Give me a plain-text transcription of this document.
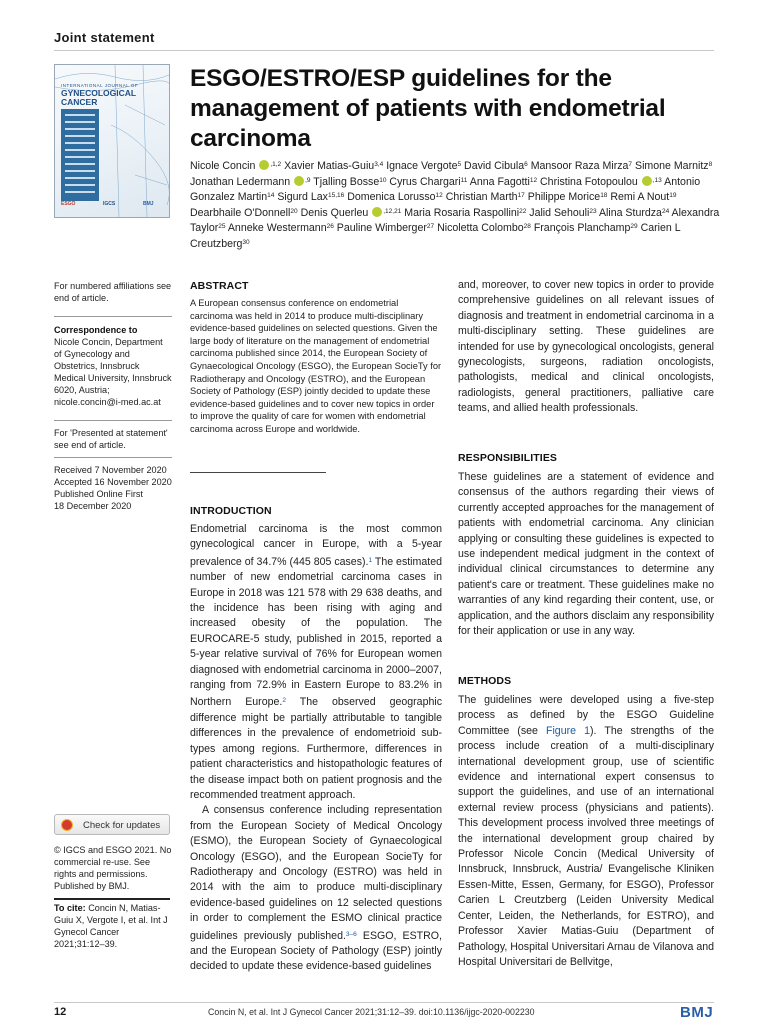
Joint statement
INTERNATIONAL JOURNAL OF
GYNECOLOGICAL CANCER
ESGO	IGCS	BMJ
ESGO/ESTRO/ESP guidelines for the management of patients with endometrial carcinoma
Nicole Concin $^{,1,2}$ Xavier Matias-Guiu$^{3,4}$ Ignace Vergote$^5$ David Cibula$^6$ Mansoor Raza Mirza$^7$ Simone Marnitz$^8$ Jonathan Ledermann $^{,9}$ Tjalling Bosse$^{10}$ Cyrus Chargari$^{11}$ Anna Fagotti$^{12}$ Christina Fotopoulou $^{,13}$ Antonio Gonzalez Martin$^{14}$ Sigurd Lax$^{15,16}$ Domenica Lorusso$^{12}$ Christian Marth$^{17}$ Philippe Morice$^{18}$ Remi A Nout$^{19}$ Dearbhaile O'Donnell$^{20}$ Denis Querleu $^{,12,21}$ Maria Rosaria Raspollini$^{22}$ Jalid Sehouli$^{23}$ Alina Sturdza$^{24}$ Alexandra Taylor$^{25}$ Anneke Westermann$^{26}$ Pauline Wimberger$^{27}$ Nicoletta Colombo$^{28}$ François Planchamp$^{29}$ Carien L Creutzberg$^{30}$
For numbered affiliations see end of article.
Correspondence to
Nicole Concin, Department of Gynecology and Obstetrics, Innsbruck Medical University, Innsbruck 6020, Austria; nicole.concin@i-med.ac.at
For 'Presented at statement' see end of article.
Received 7 November 2020
Accepted 16 November 2020
Published Online First
18 December 2020
Check for updates
© IGCS and ESGO 2021. No commercial re-use. See rights and permissions. Published by BMJ.
To cite: Concin N, Matias-Guiu X, Vergote I, et al. Int J Gynecol Cancer 2021;31:12–39.
ABSTRACT
A European consensus conference on endometrial carcinoma was held in 2014 to produce multi-disciplinary evidence-based guidelines on selected questions. Given the large body of literature on the management of endometrial carcinoma published since 2014, the European Society of Gynaecological Oncology (ESGO), the European SocieTy for Radiotherapy and Oncology (ESTRO), and the European Society of Pathology (ESP) jointly decided to update these evidence-based guidelines and to cover new topics in order to improve the quality of care for women with endometrial carcinoma across Europe and worldwide.
INTRODUCTION
Endometrial carcinoma is the most common gynecological cancer in Europe, with a 5-year prevalence of 34.7% (445 805 cases).$^1$ The estimated number of new endometrial carcinoma cases in Europe in 2018 was 121 578 with 29 638 deaths, and the incidence has been rising with aging and increased obesity of the population. The EUROCARE-5 study, published in 2015, reported a 5-year relative survival of 76% for European women diagnosed with endometrial carcinoma in 2000–2007, ranging from 72.9% in Eastern Europe to 83.2% in Northern Europe.$^2$ The observed geographic difference might be partially attributable to tangible differences in the prevalence of endometrioid sub-types among regions. Furthermore, differences in patient characteristics and histopathologic features of the disease impact both on patient prognosis and the recommended treatment approach.
A consensus conference including representation from the European Society of Medical Oncology (ESMO), the European Society of Gynaecological Oncology (ESGO), and the European SocieTy for Radiotherapy and Oncology (ESTRO) was held in 2014 with the aim to produce multi-disciplinary evidence-based guidelines on 12 selected questions in order to complement the ESMO clinical practice guidelines previously published.$^{3-6}$ ESGO, ESTRO, and the European Society of Pathology (ESP) jointly decided to update these evidence-based guidelines
and, moreover, to cover new topics in order to provide comprehensive guidelines on all relevant issues of diagnosis and treatment in endometrial carcinoma in a multi-disciplinary setting. These guidelines are intended for use by gynecological oncologists, general gynecologists, surgeons, radiation oncologists, pathologists, medical and clinical oncologists, radiologists, general practitioners, palliative care teams, and allied health professionals.
RESPONSIBILITIES
These guidelines are a statement of evidence and consensus of the authors regarding their views of currently accepted approaches for the management of patients with endometrial carcinoma. Any clinician applying or consulting these guidelines is expected to use independent medical judgment in the context of individual clinical circumstances to determine any patient's care or treatment. These guidelines make no warranties of any kind regarding their content, use, or application, and the authors disclaim any responsibility for their application or use in any way.
METHODS
The guidelines were developed using a five-step process as defined by the ESGO Guideline Committee (see Figure 1). The strengths of the process include creation of a multi-disciplinary international development group, use of scientific evidence and international expert consensus to support the guidelines, and use of an international external review process (physicians and patients). This development process involved three meetings of the international development group chaired by Professor Nicole Concin (Medical University of Innsbruck, Innsbruck, Austria/ Evangelische Kliniken Essen-Mitte, Essen, Germany, for ESGO), Professor Carien L Creutzberg (Leiden University Medical Center, Leiden, the Netherlands, for ESTRO), and Professor Xavier Matias-Guiu (Department of Pathology, Hospital Universitari Arnau de Vilanova and Hospital Universitari de Bellvitge,
12	Concin N, et al. Int J Gynecol Cancer 2021;31:12–39. doi:10.1136/ijgc-2020-002230	BMJ
